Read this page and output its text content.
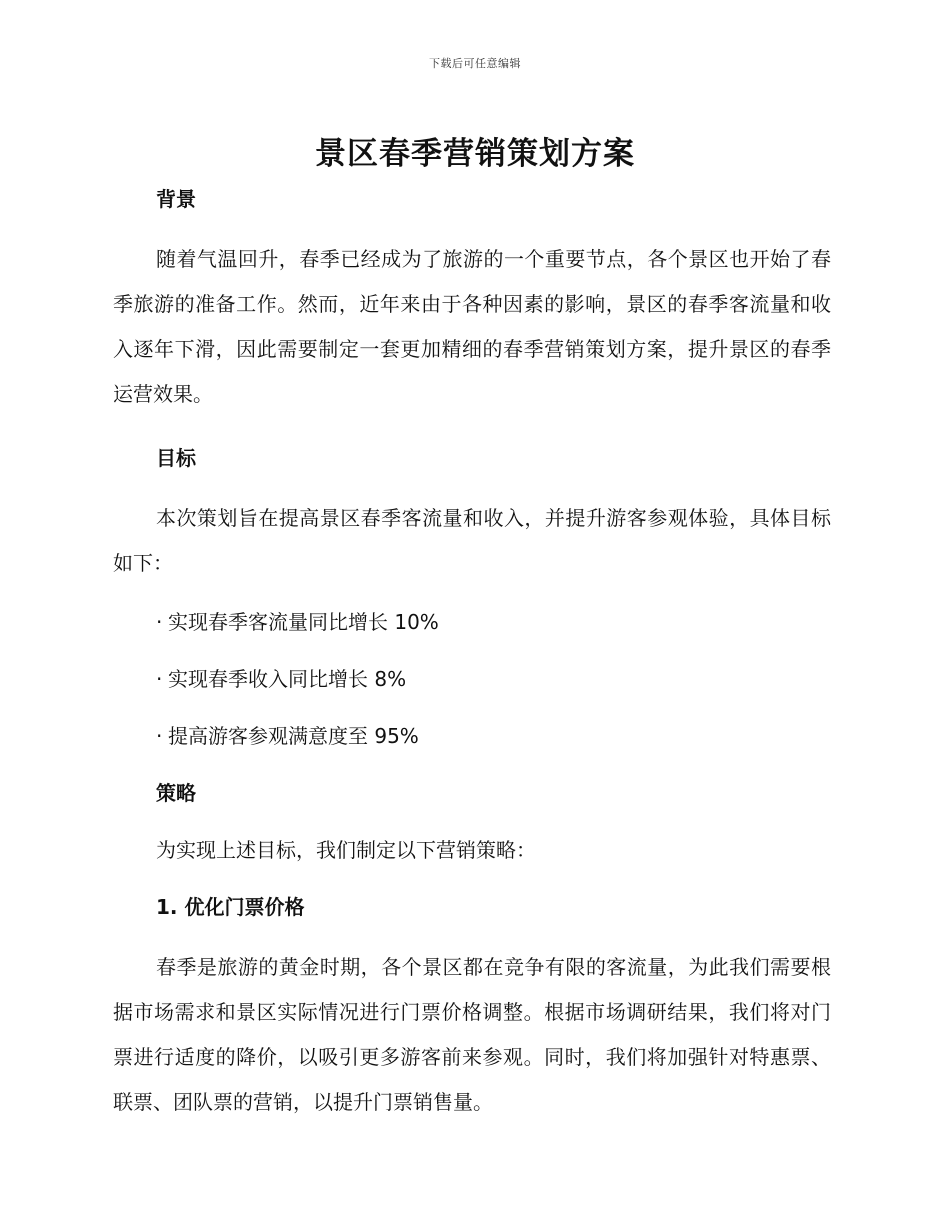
下载后可任意编辑
景区春季营销策划方案
背景

随着气温回升，春季已经成为了旅游的一个重要节点，各个景区也开始了春季旅游的准备工作。然而，近年来由于各种因素的影响，景区的春季客流量和收入逐年下滑，因此需要制定一套更加精细的春季营销策划方案，提升景区的春季运营效果。

目标

本次策划旨在提高景区春季客流量和收入，并提升游客参观体验，具体目标如下：

· 实现春季客流量同比增长 10%
· 实现春季收入同比增长 8%
· 提高游客参观满意度至 95%
策略
为实现上述目标，我们制定以下营销策略：
1. 优化门票价格

春季是旅游的黄金时期，各个景区都在竞争有限的客流量，为此我们需要根据市场需求和景区实际情况进行门票价格调整。根据市场调研结果，我们将对门票进行适度的降价，以吸引更多游客前来参观。同时，我们将加强针对特惠票、联票、团队票的营销，以提升门票销售量。
